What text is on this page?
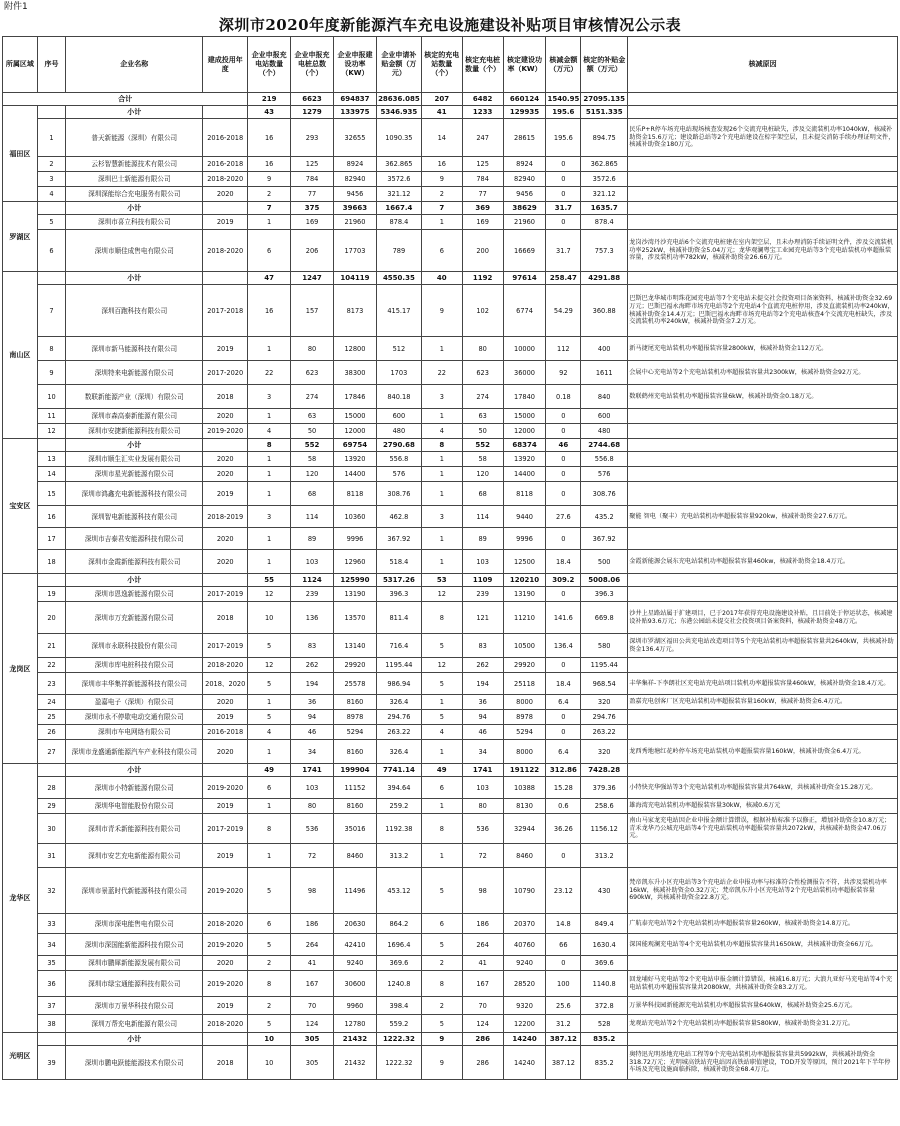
附件1
深圳市2020年度新能源汽车充电设施建设补贴项目审核情况公示表
所属区域	序号	企业名称	建成投用年度	企业申报充电站数量（个）	企业申报充电桩总数（个）	企业申报建设功率（KW）	企业申请补贴金额（万元）	核定的充电站数量（个）	核定充电桩数量（个）	核定建设功率（KW）	核减金额（万元）	核定的补贴金额（万元）	核减原因
合计				219	6623	694837	28636.085	207	6482	660124	1540.95	27095.135	
福田区		小计		43	1279	133975	5346.935	41	1233	129935	195.6	5151.335	
	1	普天新能源（深圳）有限公司	2016-2018	16	293	32655	1090.35	14	247	28615	195.6	894.75	民乐P+R停车场充电站现场核查发现26个交流充电桩缺失，涉及交流装机功率1040kW，核减补助资金15.6万元；建设路总站等2个充电站建设在棕字架空层，且未提交消防手续办理证明文件，核减补助资金180万元。
	2	云杉智慧新能源技术有限公司	2016-2018	16	125	8924	362.865	16	125	8924	0	362.865	
	3	深圳巴士新能源有限公司	2018-2020	9	784	82940	3572.6	9	784	82940	0	3572.6	
	4	深圳深能综合充电服务有限公司	2020	2	77	9456	321.12	2	77	9456	0	321.12	
罗湖区		小计		7	375	39663	1667.4	7	369	38629	31.7	1635.7	
	5	深圳市喜立科技有限公司	2019	1	169	21960	878.4	1	169	21960	0	878.4	
	6	深圳市顺佳成售电有限公司	2018-2020	6	206	17703	789	6	200	16669	31.7	757.3	龙岗沙湾丹沙充电站6个交流充电桩建在室内架空层，且未办理消防手续证明文件，涉及交流装机功率252kW，核减补助资金5.04万元；龙华观澜粤宝工业园充电站等3个充电站装机功率超报装容量，涉及装机功率782kW，核减补助资金26.66万元。
南山区		小计		47	1247	104119	4550.35	40	1192	97614	258.47	4291.88	
	7	深圳百跑科技有限公司	2017-2018	16	157	8173	415.17	9	102	6774	54.29	360.88	巴斯巴龙华城市明珠花园充电站等7个充电站未提交社会投资项目备案资料，核减补助资金32.69万元；巴斯巴福永海畔市场充电站等2个充电站4个直流充电桩停用，涉及直流装机功率240kW，核减补助资金14.4万元；巴斯巴福永海畔市场充电站等2个充电站核查4个交流充电桩缺失，涉及交流装机功率240kW，核减补助资金7.2万元。
	8	深圳市新马能源科技有限公司	2019	1	80	12800	512	1	80	10000	112	400	新马捷尾充电站装机功率超报装容量2800kW，核减补助资金112万元。
	9	深圳特来电新能源有限公司	2017-2020	22	623	38300	1703	22	623	36000	92	1611	会展中心充电站等2个充电站装机功率超报装容量共2300kW，核减补助资金92万元。
	10	数联新能源产业（深圳）有限公司	2018	3	274	17846	840.18	3	274	17840	0.18	840	数联鹤州充电站装机功率超报装容量6kW，核减补助资金0.18万元。
	11	深圳市森高泰新能源有限公司	2020	1	63	15000	600	1	63	15000	0	600	
	12	深圳市安捷新能源科技有限公司	2019-2020	4	50	12000	480	4	50	12000	0	480	
宝安区		小计		8	552	69754	2790.68	8	552	68374	46	2744.68	
	13	深圳市顺生汇实业发展有限公司	2020	1	58	13920	556.8	1	58	13920	0	556.8	
	14	深圳市星光新能源有限公司	2020	1	120	14400	576	1	120	14400	0	576	
	15	深圳市鸿鑫充电新能源科技有限公司	2019	1	68	8118	308.76	1	68	8118	0	308.76	
	16	深圳智电新能源科技有限公司	2018-2019	3	114	10360	462.8	3	114	9440	27.6	435.2	聚能 智电（聚丰）充电站装机功率超报装容量920kw，核减补助资金27.6万元。
	17	深圳市吉泰君安能源科技有限公司	2020	1	89	9996	367.92	1	89	9996	0	367.92	
	18	深圳市金霞新能源科技有限公司	2020	1	103	12960	518.4	1	103	12500	18.4	500	金霞新能源会展东充电站装机功率超报装容量460kw，核减补助资金18.4万元。
龙岗区		小计		55	1124	125990	5317.26	53	1109	120210	309.2	5008.06	
	19	深圳市恩逸新能源有限公司	2017-2019	12	239	13190	396.3	12	239	13190	0	396.3	
	20	深圳市万充新能源有限公司	2018	10	136	13570	811.4	8	121	11210	141.6	669.8	沙井上星路站属于扩建项目，已于2017年获得充电设施建设补贴，且目前处于停运状态，核减建设补贴93.6万元；东港公园站未提交社会投资项目备案资料，核减补助资金48万元。
	21	深圳市永联科技股份有限公司	2017-2019	5	83	13140	716.4	5	83	10500	136.4	580	深圳市罗湖区福田公共充电站改造项目等5个充电站装机功率超报装容量共2640kW，共核减补助资金136.4万元。
	22	深圳市库电桩科技有限公司	2018-2020	12	262	29920	1195.44	12	262	29920	0	1195.44	
	23	深圳市丰华集祥新能源科技有限公司	2018、2020	5	194	25578	986.94	5	194	25118	18.4	968.54	丰华集祥-下李朗社区充电站充电站项目装机功率超报装容量460kW，核减补助资金18.4万元。
	24	盈嘉电子（深圳）有限公司	2020	1	36	8160	326.4	1	36	8000	6.4	320	盈嘉充电创客厂区充电站装机功率超报装容量160kW，核减补助资金6.4万元。
	25	深圳市永不停歇电动交通有限公司	2019	5	94	8978	294.76	5	94	8978	0	294.76	
	26	深圳市车电网络有限公司	2016-2018	4	46	5294	263.22	4	46	5294	0	263.22	
	27	深圳市龙盛通新能源汽车产业科技有限公司	2020	1	34	8160	326.4	1	34	8000	6.4	320	龙西秀地塘红花岭停车场充电站装机功率超报装容量160kW，核减补助资金6.4万元。
龙华区		小计		49	1741	199904	7741.14	49	1741	191122	312.86	7428.28	
	28	深圳市小特新能源有限公司	2019-2020	6	103	11152	394.64	6	103	10388	15.28	379.36	小特快充华强站等3个充电站装机功率超报装容量共764kW，共核减补助资金15.28万元。
	29	深圳华电智能股份有限公司	2019	1	80	8160	259.2	1	80	8130	0.6	258.6	雄海湾充电站装机功率超报装容量30kW，核减0.6万元
	30	深圳市青禾新能源科技有限公司	2017-2019	8	536	35016	1192.38	8	536	32944	36.26	1156.12	南山马家龙充电站因企业申报金额计算错误，根据补贴标准予以修正，增加补助资金10.8万元；青禾龙华乃公城充电站等4个充电站装机功率超报装容量共2072kW，共核减补助资金47.06万元。
	31	深圳市安艺充电新能源有限公司	2019	1	72	8460	313.2	1	72	8460	0	313.2	
	32	深圳市景蓝时代新能源科技有限公司	2019-2020	5	98	11496	453.12	5	98	10790	23.12	430	梵帝凯东升小区充电站等3个充电站企业申报功率与标准符合性检测报告不符，共涉及装机功率16kW，核减补助资金0.32万元；梵帝凯东升小区充电站等2个充电站装机功率超报装容量690kW，共核减补助资金22.8万元。
	33	深圳市深电能售电有限公司	2018-2020	6	186	20630	864.2	6	186	20370	14.8	849.4	广航泰充电站等2个充电站装机功率超报装容量260kW，核减补助资金14.8万元。
	34	深圳市深国能新能源科技有限公司	2019-2020	5	264	42410	1696.4	5	264	40760	66	1630.4	深国能观澜充电站等4个充电站装机功率超报装容量共1650kW，共核减补助资金66万元。
	35	深圳市鹏犀新能源发展有限公司	2020	2	41	9240	369.6	2	41	9240	0	369.6	
	36	深圳市绿宝通能源科技有限公司	2019-2020	8	167	30600	1240.8	8	167	28520	100	1140.8	回龙埔好马充电站等2个充电站申报金额计算错误，核减16.8万元；大浪九亚好马充电站等4个充电站装机功率超报装容量共2080kW，共核减补助资金83.2万元。
	37	深圳市万景华科技有限公司	2019	2	70	9960	398.4	2	70	9320	25.6	372.8	万景华科技园新能源充电站装机功率超报装容量640kW，核减补助资金25.6万元。
	38	深圳万帮充电新能源有限公司	2018-2020	5	124	12780	559.2	5	124	12200	31.2	528	龙观站充电站等2个充电站装机功率超报装容量580kW，核减补助资金31.2万元。
光明区		小计		10	305	21432	1222.32	9	286	14240	387.12	835.2	
	39	深圳市鹏电跃能能源技术有限公司	2018	10	305	21432	1222.32	9	286	14240	387.12	835.2	奥特迅光明基地充电站工程等9个充电站装机功率超报装容量共5992kW，共核减补助资金318.72万元；光明城高铁站充电站因高铁站职值建设，TOD开发等原因，预计2021年下半年停车场及充电设施面临拆除，核减补助资金68.4万元。
